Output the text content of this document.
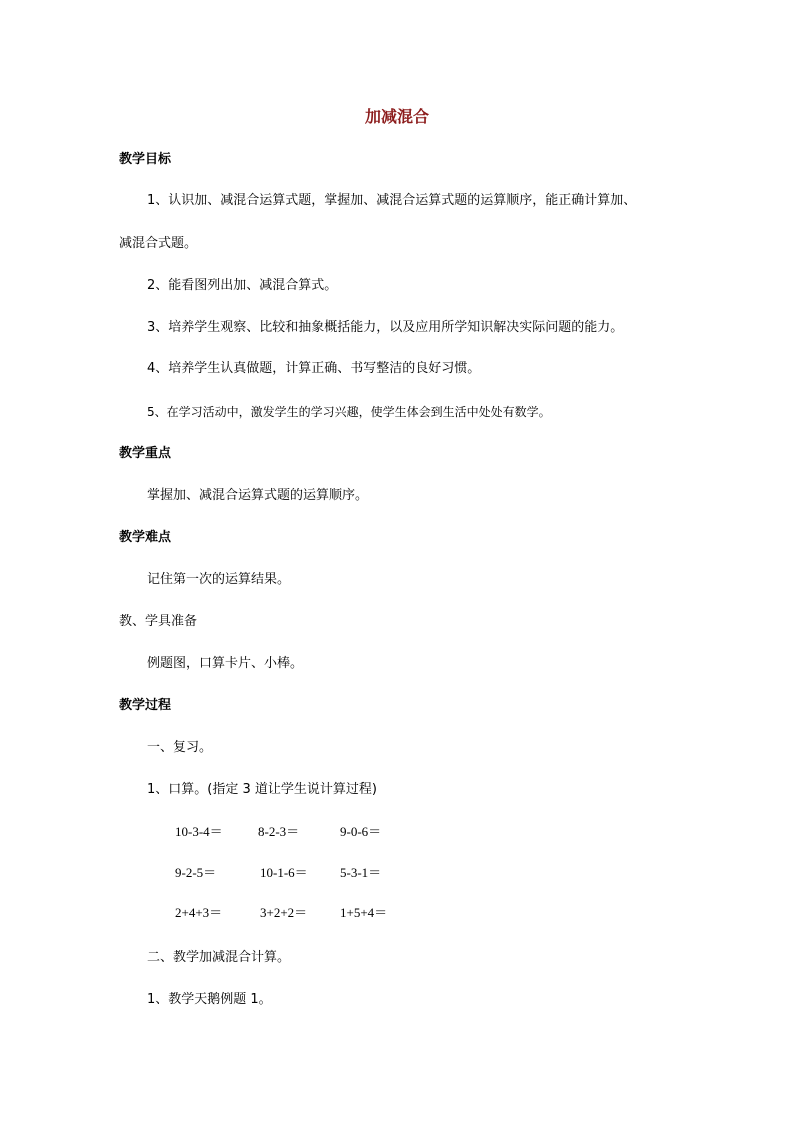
加减混合
教学目标
1、认识加、减混合运算式题，掌握加、减混合运算式题的运算顺序，能正确计算加、
减混合式题。
2、能看图列出加、减混合算式。
3、培养学生观察、比较和抽象概括能力，以及应用所学知识解决实际问题的能力。
4、培养学生认真做题，计算正确、书写整洁的良好习惯。
5、在学习活动中，激发学生的学习兴趣，使学生体会到生活中处处有数学。
教学重点
掌握加、减混合运算式题的运算顺序。
教学难点
记住第一次的运算结果。
教、学具准备
例题图，口算卡片、小棒。
教学过程
一、复习。
1、口算。(指定 3 道让学生说计算过程)
10-3-4＝	8-2-3＝	9-0-6＝
9-2-5＝	10-1-6＝ 5-3-1＝
2+4+3＝	3+2+2＝	1+5+4＝
二、教学加减混合计算。
1、教学天鹅例题 1。
